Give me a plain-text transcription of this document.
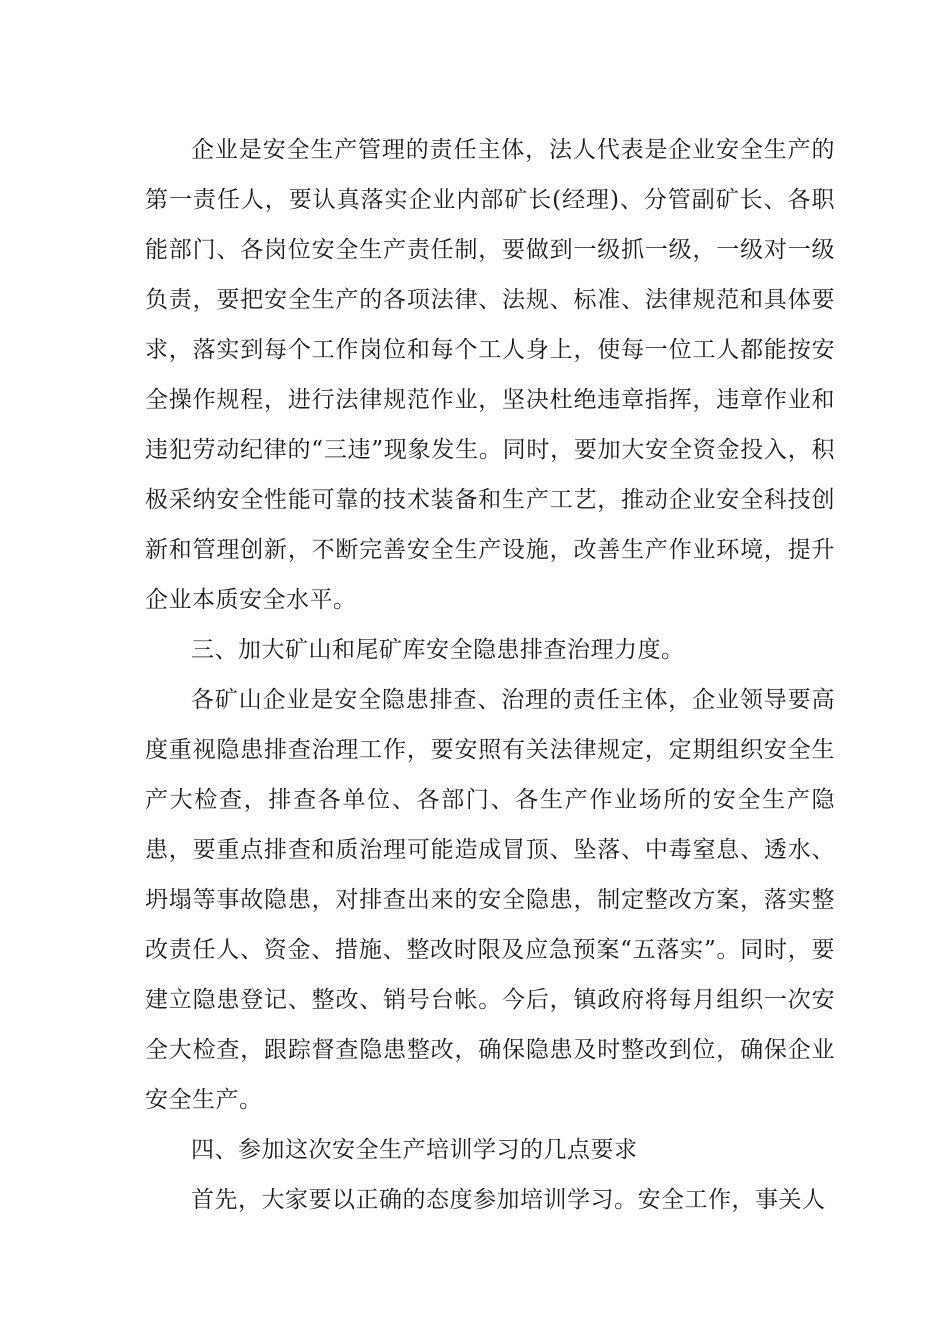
企业是安全生产管理的责任主体，法人代表是企业安全生产的第一责任人，要认真落实企业内部矿长(经理)、分管副矿长、各职能部门、各岗位安全生产责任制，要做到一级抓一级，一级对一级负责，要把安全生产的各项法律、法规、标准、法律规范和具体要求，落实到每个工作岗位和每个工人身上，使每一位工人都能按安全操作规程，进行法律规范作业，坚决杜绝违章指挥，违章作业和违犯劳动纪律的“三违”现象发生。同时，要加大安全资金投入，积极采纳安全性能可靠的技术装备和生产工艺，推动企业安全科技创新和管理创新，不断完善安全生产设施，改善生产作业环境，提升企业本质安全水平。

三、加大矿山和尾矿库安全隐患排查治理力度。

各矿山企业是安全隐患排查、治理的责任主体，企业领导要高度重视隐患排查治理工作，要安照有关法律规定，定期组织安全生产大检查，排查各单位、各部门、各生产作业场所的安全生产隐患，要重点排查和质治理可能造成冒顶、坠落、中毒窒息、透水、坍塌等事故隐患，对排查出来的安全隐患，制定整改方案，落实整改责任人、资金、措施、整改时限及应急预案“五落实”。同时，要建立隐患登记、整改、销号台帐。今后，镇政府将每月组织一次安全大检查，跟踪督查隐患整改，确保隐患及时整改到位，确保企业安全生产。

四、参加这次安全生产培训学习的几点要求

首先，大家要以正确的态度参加培训学习。安全工作，事关人
